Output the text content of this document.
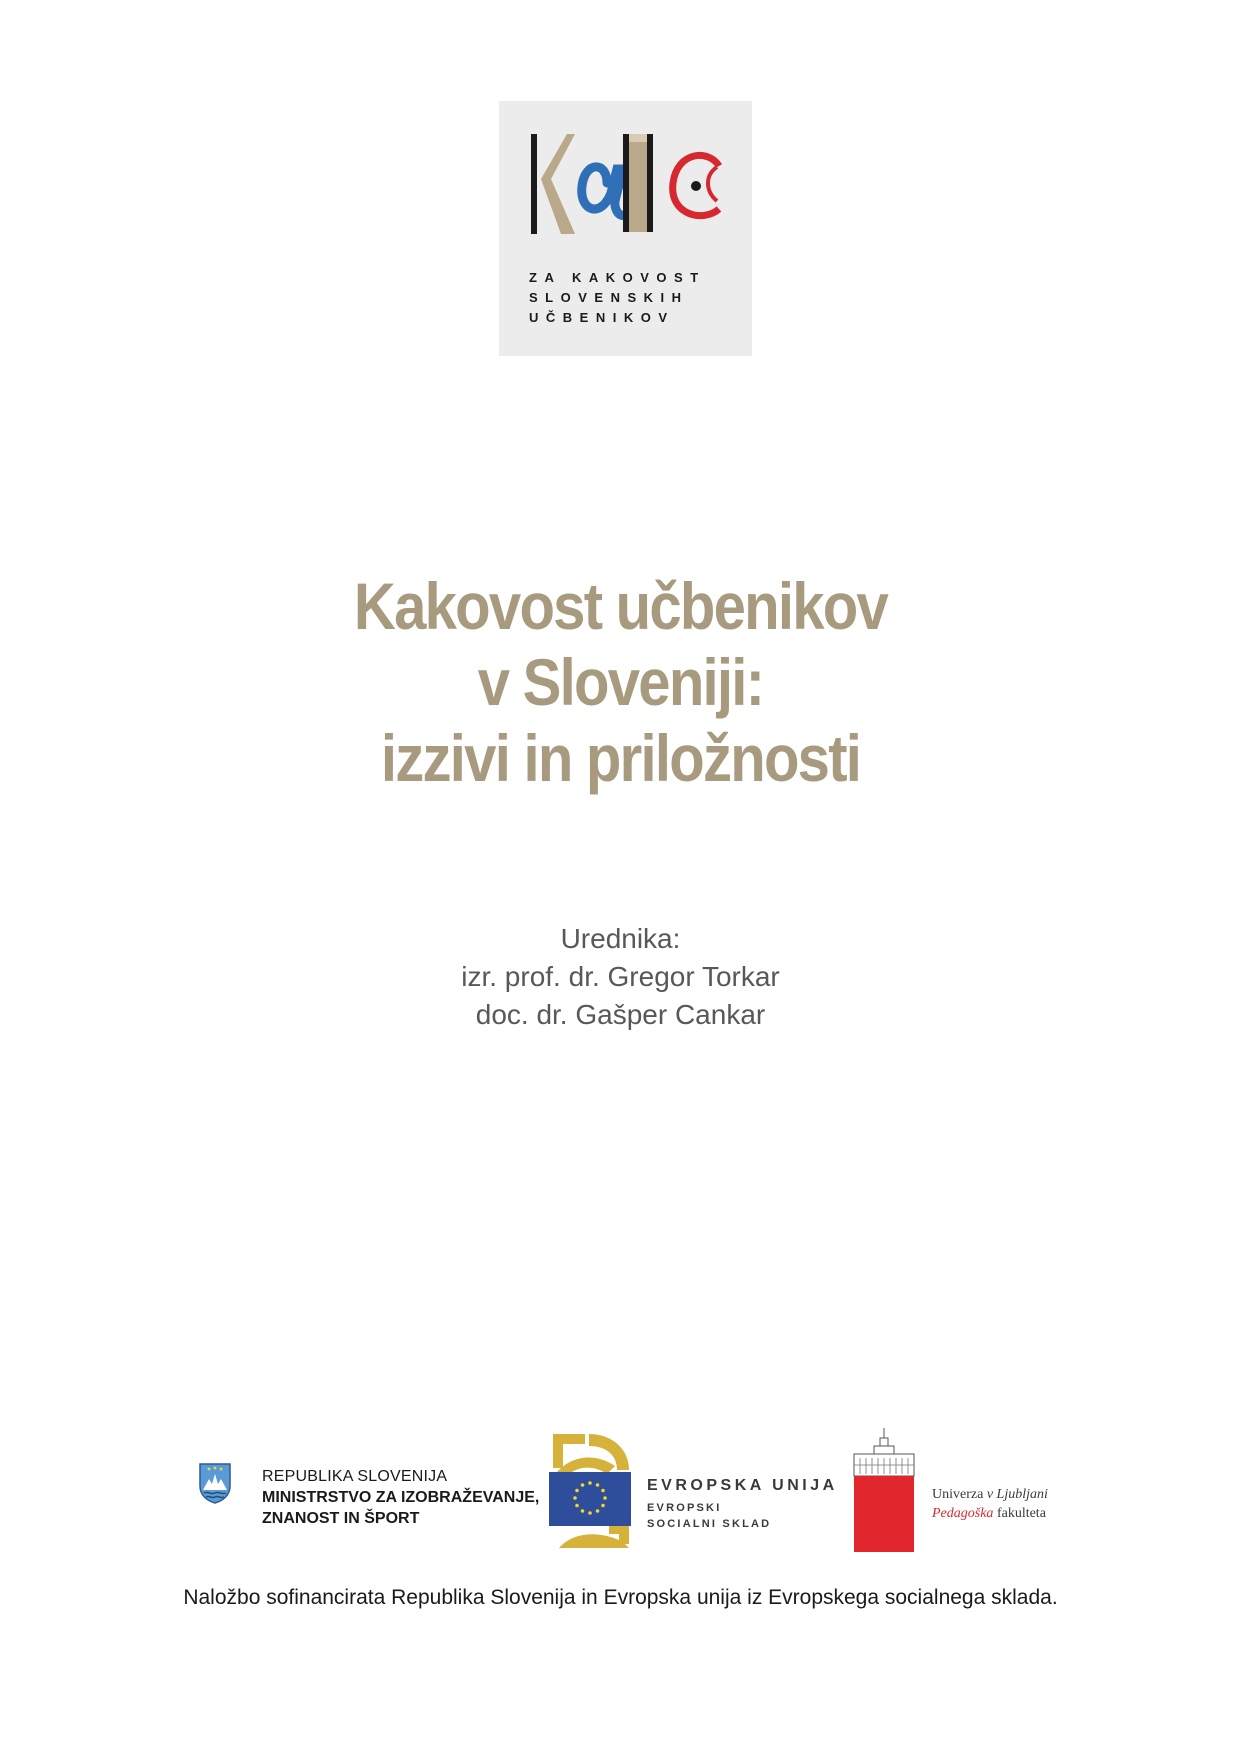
ZA KAKOVOST
SLOVENSKIH
UČBENIKOV
Kakovost učbenikov
v Sloveniji:
izzivi in priložnosti
Urednika:
izr. prof. dr. Gregor Torkar
doc. dr. Gašper Cankar
REPUBLIKA SLOVENIJA
MINISTRSTVO ZA IZOBRAŽEVANJE,
ZNANOST IN ŠPORT
EVROPSKA UNIJA
EVROPSKI
SOCIALNI SKLAD
Univerza v Ljubljani
Pedagoška fakulteta
Naložbo sofinancirata Republika Slovenija in Evropska unija iz Evropskega socialnega sklada.
